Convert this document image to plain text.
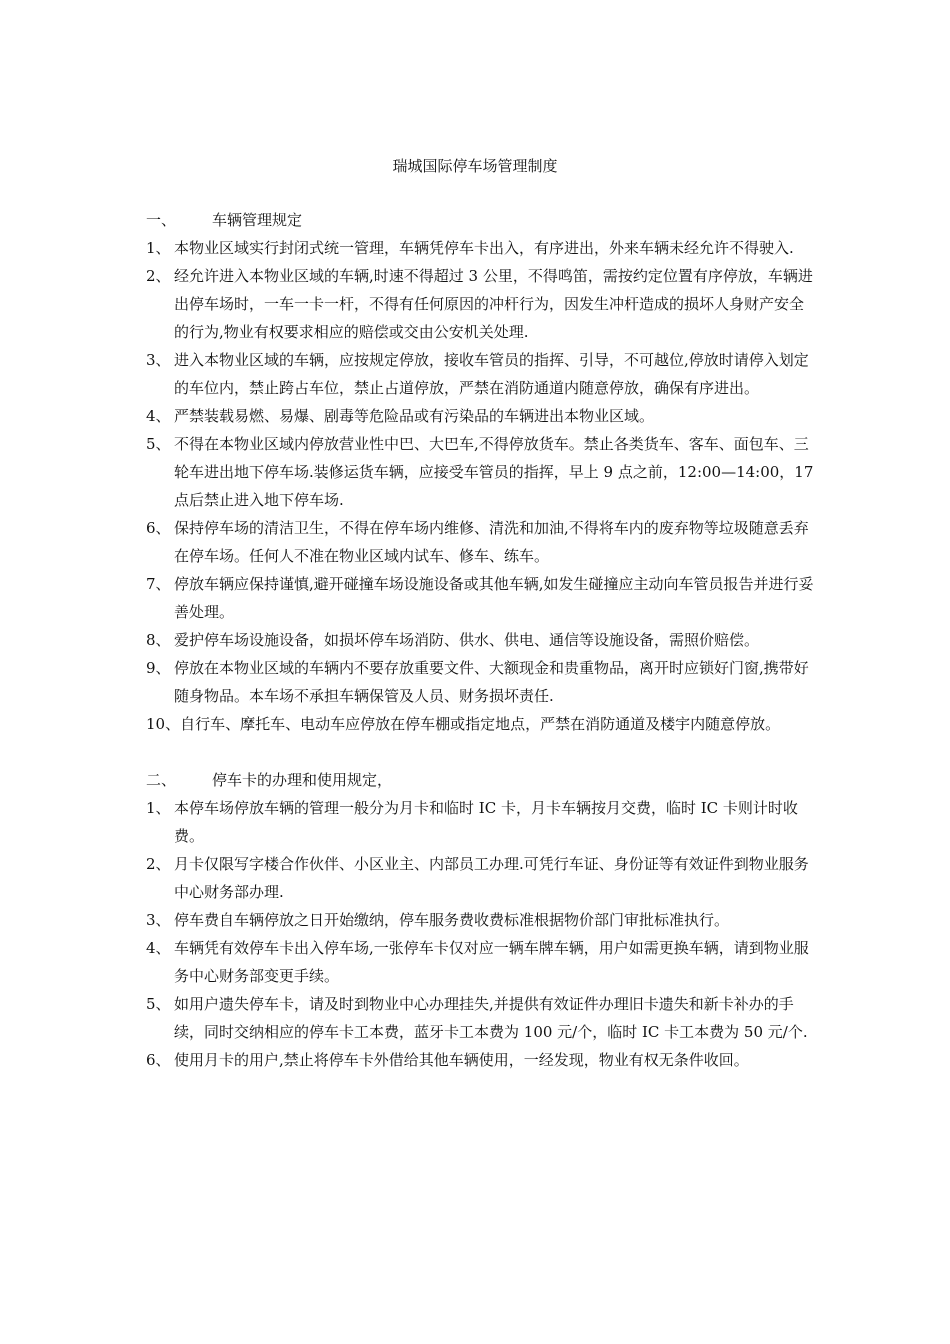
瑞城国际停车场管理制度
一、 车辆管理规定
1、 本物业区域实行封闭式统一管理，车辆凭停车卡出入，有序进出，外来车辆未经允许不得驶入.
2、 经允许进入本物业区域的车辆,时速不得超过 3 公里，不得鸣笛，需按约定位置有序停放，车辆进出停车场时，一车一卡一杆，不得有任何原因的冲杆行为，因发生冲杆造成的损坏人身财产安全的行为,物业有权要求相应的赔偿或交由公安机关处理.
3、 进入本物业区域的车辆，应按规定停放，接收车管员的指挥、引导，不可越位,停放时请停入划定的车位内，禁止跨占车位，禁止占道停放，严禁在消防通道内随意停放，确保有序进出。
4、 严禁装载易燃、易爆、剧毒等危险品或有污染品的车辆进出本物业区域。
5、 不得在本物业区域内停放营业性中巴、大巴车,不得停放货车。禁止各类货车、客车、面包车、三轮车进出地下停车场.装修运货车辆，应接受车管员的指挥，早上 9 点之前，12:00—14:00，17 点后禁止进入地下停车场.
6、 保持停车场的清洁卫生，不得在停车场内维修、清洗和加油,不得将车内的废弃物等垃圾随意丢弃在停车场。任何人不准在物业区域内试车、修车、练车。
7、 停放车辆应保持谨慎,避开碰撞车场设施设备或其他车辆,如发生碰撞应主动向车管员报告并进行妥善处理。
8、 爱护停车场设施设备，如损坏停车场消防、供水、供电、通信等设施设备，需照价赔偿。
9、 停放在本物业区域的车辆内不要存放重要文件、大额现金和贵重物品，离开时应锁好门窗,携带好随身物品。本车场不承担车辆保管及人员、财务损坏责任.
10、自行车、摩托车、电动车应停放在停车棚或指定地点，严禁在消防通道及楼宇内随意停放。
二、 停车卡的办理和使用规定，
1、 本停车场停放车辆的管理一般分为月卡和临时 IC 卡，月卡车辆按月交费，临时 IC 卡则计时收费。
2、 月卡仅限写字楼合作伙伴、小区业主、内部员工办理.可凭行车证、身份证等有效证件到物业服务中心财务部办理.
3、 停车费自车辆停放之日开始缴纳，停车服务费收费标准根据物价部门审批标准执行。
4、 车辆凭有效停车卡出入停车场,一张停车卡仅对应一辆车牌车辆，用户如需更换车辆，请到物业服务中心财务部变更手续。
5、 如用户遗失停车卡，请及时到物业中心办理挂失,并提供有效证件办理旧卡遗失和新卡补办的手续，同时交纳相应的停车卡工本费，蓝牙卡工本费为 100 元/个，临时 IC 卡工本费为 50 元/个.
6、 使用月卡的用户,禁止将停车卡外借给其他车辆使用，一经发现，物业有权无条件收回。
